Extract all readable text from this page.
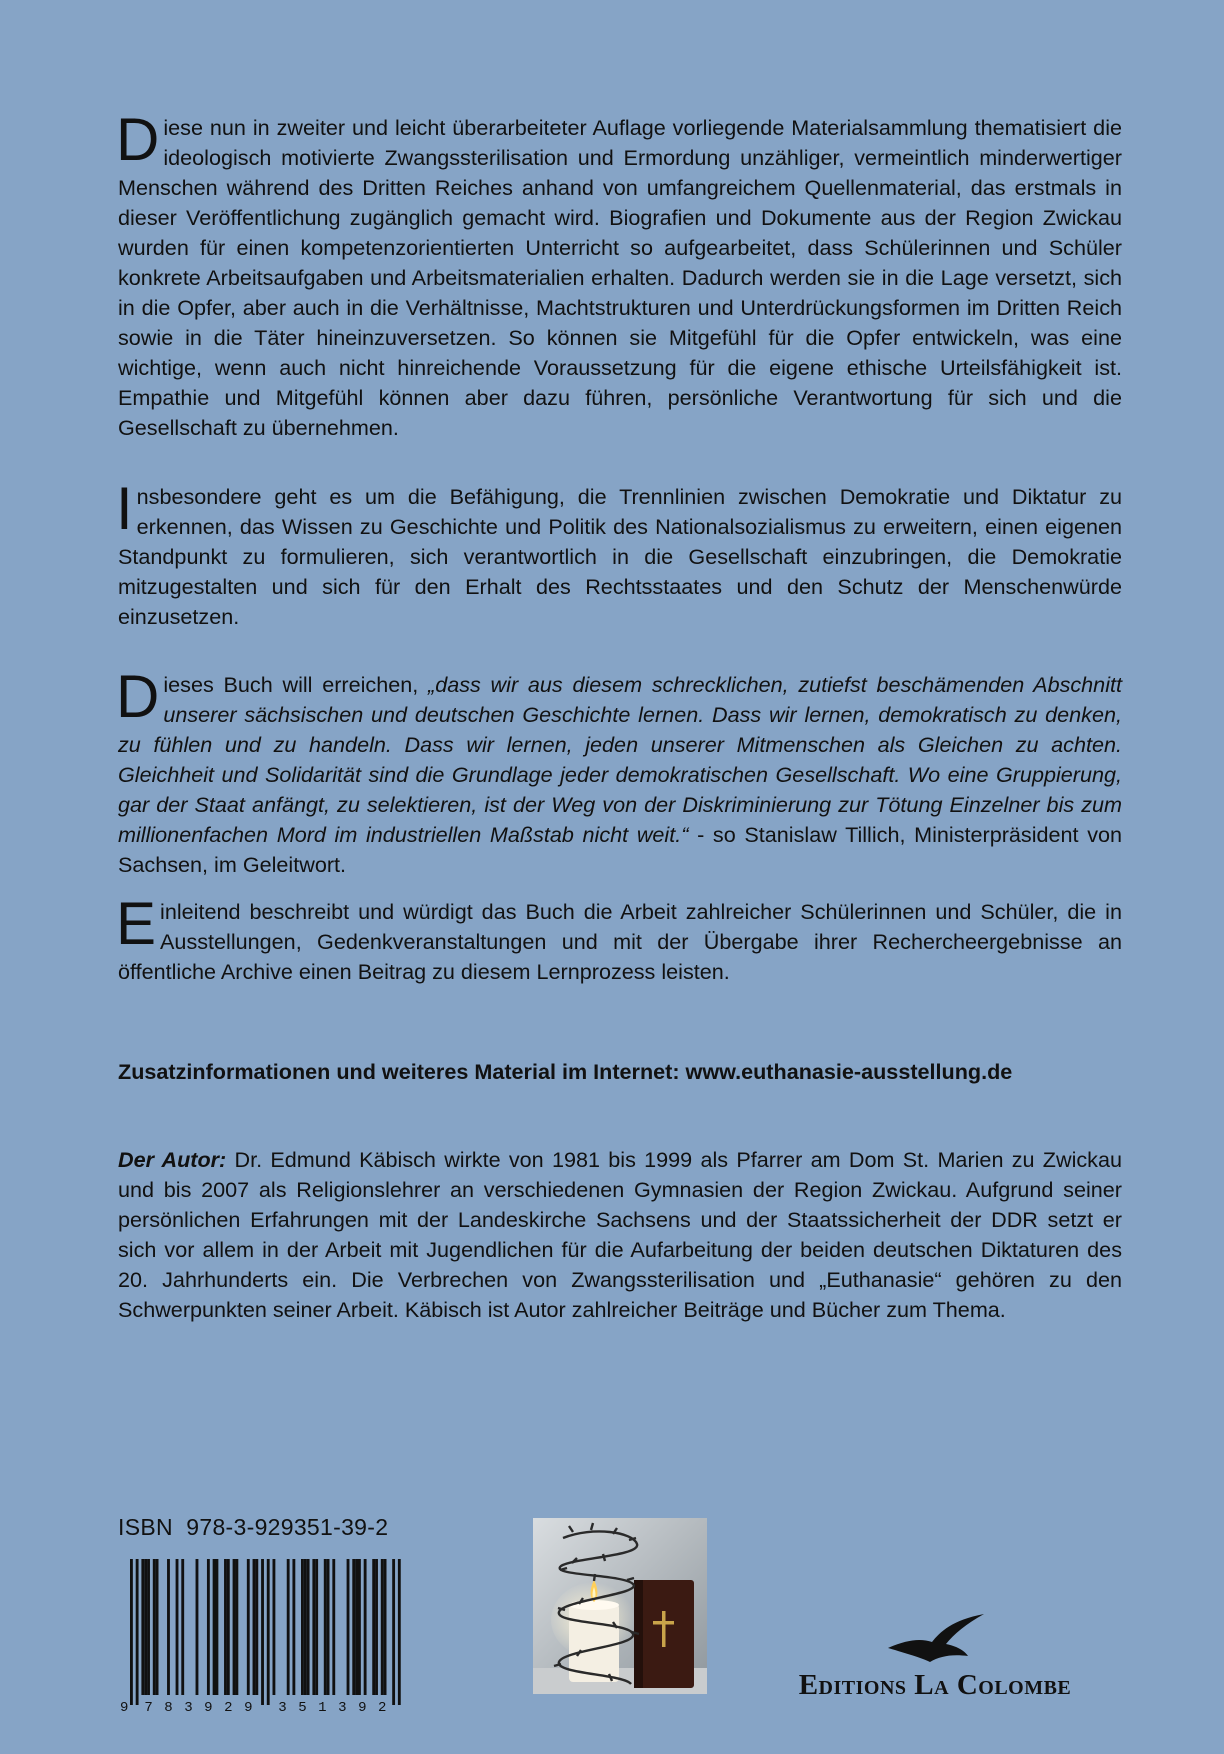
Diese nun in zweiter und leicht überarbeiteter Auflage vorliegende Materialsammlung thematisiert die ideologisch motivierte Zwangssterilisation und Ermordung unzähliger, vermeintlich minderwertiger Menschen während des Dritten Reiches anhand von umfangreichem Quellenmaterial, das erstmals in dieser Veröffentlichung zugänglich gemacht wird. Biografien und Dokumente aus der Region Zwickau wurden für einen kompetenzorientierten Unterricht so aufgearbeitet, dass Schülerinnen und Schüler konkrete Arbeitsaufgaben und Arbeitsmaterialien erhalten. Dadurch werden sie in die Lage versetzt, sich in die Opfer, aber auch in die Verhältnisse, Machtstrukturen und Unterdrückungsformen im Dritten Reich sowie in die Täter hineinzuversetzen. So können sie Mitgefühl für die Opfer entwickeln, was eine wichtige, wenn auch nicht hinreichende Voraussetzung für die eigene ethische Urteilsfähigkeit ist. Empathie und Mitgefühl können aber dazu führen, persönliche Verantwortung für sich und die Gesellschaft zu übernehmen.
Insbesondere geht es um die Befähigung, die Trennlinien zwischen Demokratie und Diktatur zu erkennen, das Wissen zu Geschichte und Politik des Nationalsozialismus zu erweitern, einen eigenen Standpunkt zu formulieren, sich verantwortlich in die Gesellschaft einzubringen, die Demokratie mitzugestalten und sich für den Erhalt des Rechtsstaates und den Schutz der Menschenwürde einzusetzen.
Dieses Buch will erreichen, „dass wir aus diesem schrecklichen, zutiefst beschämenden Abschnitt unserer sächsischen und deutschen Geschichte lernen. Dass wir lernen, demokratisch zu denken, zu fühlen und zu handeln. Dass wir lernen, jeden unserer Mitmenschen als Gleichen zu achten. Gleichheit und Solidarität sind die Grundlage jeder demokratischen Gesellschaft. Wo eine Gruppierung, gar der Staat anfängt, zu selektieren, ist der Weg von der Diskriminierung zur Tötung Einzelner bis zum millionenfachen Mord im industriellen Maßstab nicht weit.“ - so Stanislaw Tillich, Ministerpräsident von Sachsen, im Geleitwort.
Einleitend beschreibt und würdigt das Buch die Arbeit zahlreicher Schülerinnen und Schüler, die in Ausstellungen, Gedenkveranstaltungen und mit der Übergabe ihrer Rechercheergebnisse an öffentliche Archive einen Beitrag zu diesem Lernprozess leisten.
Zusatzinformationen und weiteres Material im Internet: www.euthanasie-ausstellung.de
Der Autor: Dr. Edmund Käbisch wirkte von 1981 bis 1999 als Pfarrer am Dom St. Marien zu Zwickau und bis 2007 als Religionslehrer an verschiedenen Gymnasien der Region Zwickau. Aufgrund seiner persönlichen Erfahrungen mit der Landeskirche Sachsens und der Staatssicherheit der DDR setzt er sich vor allem in der Arbeit mit Jugendlichen für die Aufarbeitung der beiden deutschen Diktaturen des 20. Jahrhunderts ein. Die Verbrechen von Zwangssterilisation und „Euthanasie“ gehören zu den Schwerpunkten seiner Arbeit. Käbisch ist Autor zahlreicher Beiträge und Bücher zum Thema.
ISBN 978-3-929351-39-2
9 7 8 3 9 2 9 3 5 1 3 9 2
Editions La Colombe
